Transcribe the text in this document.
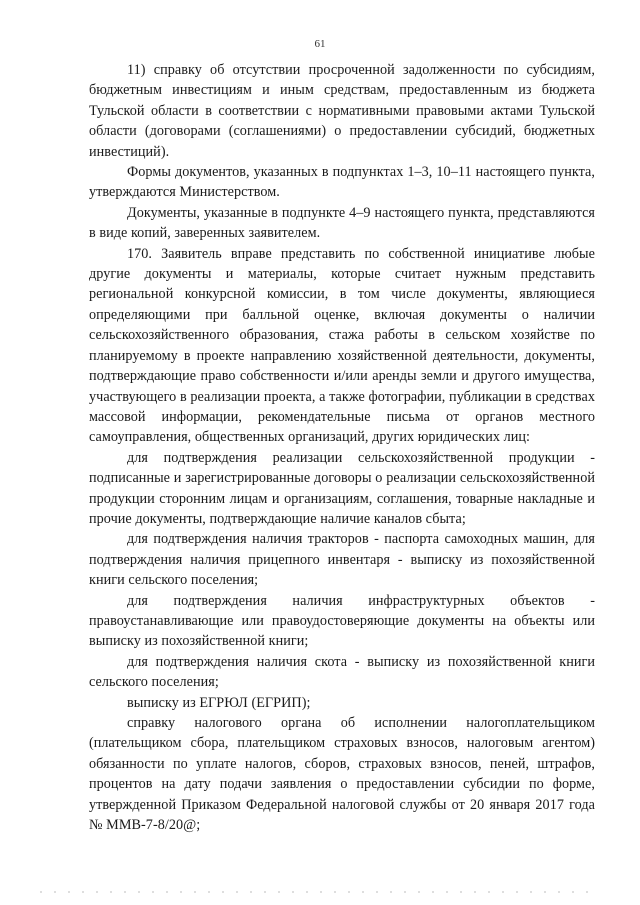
61

11) справку об отсутствии просроченной задолженности по субсидиям, бюджетным инвестициям и иным средствам, предоставленным из бюджета Тульской области в соответствии с нормативными правовыми актами Тульской области (договорами (соглашениями) о предоставлении субсидий, бюджетных инвестиций).

Формы документов, указанных в подпунктах 1–3, 10–11 настоящего пункта, утверждаются Министерством.

Документы, указанные в подпункте 4–9 настоящего пункта, представляются в виде копий, заверенных заявителем.

170. Заявитель вправе представить по собственной инициативе любые другие документы и материалы, которые считает нужным представить региональной конкурсной комиссии, в том числе документы, являющиеся определяющими при балльной оценке, включая документы о наличии сельскохозяйственного образования, стажа работы в сельском хозяйстве по планируемому в проекте направлению хозяйственной деятельности, документы, подтверждающие право собственности и/или аренды земли и другого имущества, участвующего в реализации проекта, а также фотографии, публикации в средствах массовой информации, рекомендательные письма от органов местного самоуправления, общественных организаций, других юридических лиц:

для подтверждения реализации сельскохозяйственной продукции - подписанные и зарегистрированные договоры о реализации сельскохозяйственной продукции сторонним лицам и организациям, соглашения, товарные накладные и прочие документы, подтверждающие наличие каналов сбыта;

для подтверждения наличия тракторов - паспорта самоходных машин, для подтверждения наличия прицепного инвентаря - выписку из похозяйственной книги сельского поселения;

для подтверждения наличия инфраструктурных объектов - правоустанавливающие или правоудостоверяющие документы на объекты или выписку из похозяйственной книги;

для подтверждения наличия скота - выписку из похозяйственной книги сельского поселения;

выписку из ЕГРЮЛ (ЕГРИП);

справку налогового органа об исполнении налогоплательщиком (плательщиком сбора, плательщиком страховых взносов, налоговым агентом) обязанности по уплате налогов, сборов, страховых взносов, пеней, штрафов, процентов на дату подачи заявления о предоставлении субсидии по форме, утвержденной Приказом Федеральной налоговой службы от 20 января 2017 года № ММВ-7-8/20@;
